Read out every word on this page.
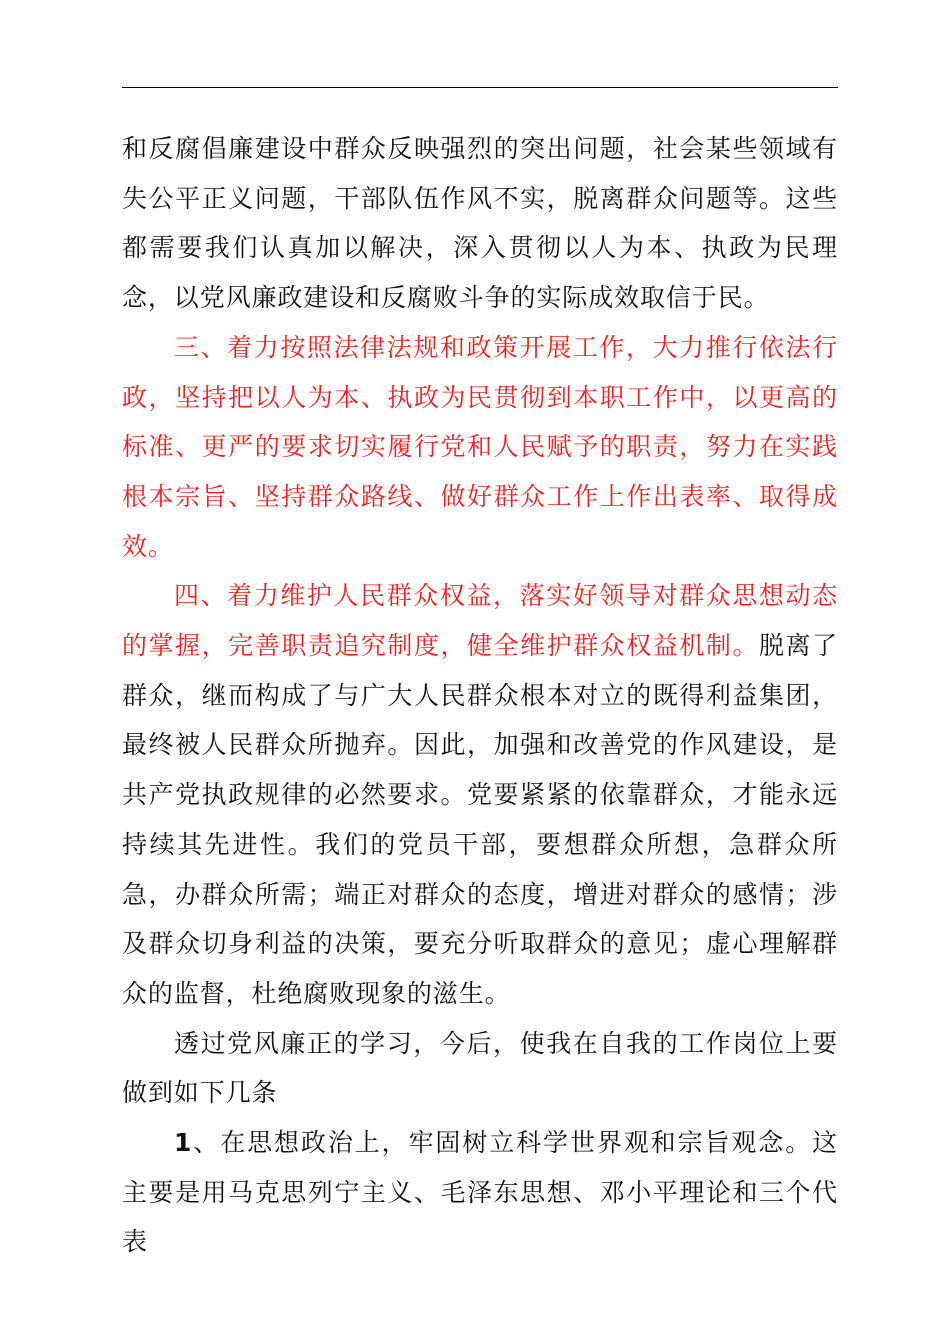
和反腐倡廉建设中群众反映强烈的突出问题，社会某些领域有失公平正义问题，干部队伍作风不实，脱离群众问题等。这些都需要我们认真加以解决，深入贯彻以人为本、执政为民理念，以党风廉政建设和反腐败斗争的实际成效取信于民。

三、着力按照法律法规和政策开展工作，大力推行依法行政，坚持把以人为本、执政为民贯彻到本职工作中，以更高的标准、更严的要求切实履行党和人民赋予的职责，努力在实践根本宗旨、坚持群众路线、做好群众工作上作出表率、取得成效。

四、着力维护人民群众权益，落实好领导对群众思想动态的掌握，完善职责追究制度，健全维护群众权益机制。脱离了群众，继而构成了与广大人民群众根本对立的既得利益集团，最终被人民群众所抛弃。因此，加强和改善党的作风建设，是共产党执政规律的必然要求。党要紧紧的依靠群众，才能永远持续其先进性。我们的党员干部，要想群众所想，急群众所急，办群众所需；端正对群众的态度，增进对群众的感情；涉及群众切身利益的决策，要充分听取群众的意见；虚心理解群众的监督，杜绝腐败现象的滋生。

透过党风廉正的学习，今后，使我在自我的工作岗位上要做到如下几条

1、在思想政治上，牢固树立科学世界观和宗旨观念。这主要是用马克思列宁主义、毛泽东思想、邓小平理论和三个代表
